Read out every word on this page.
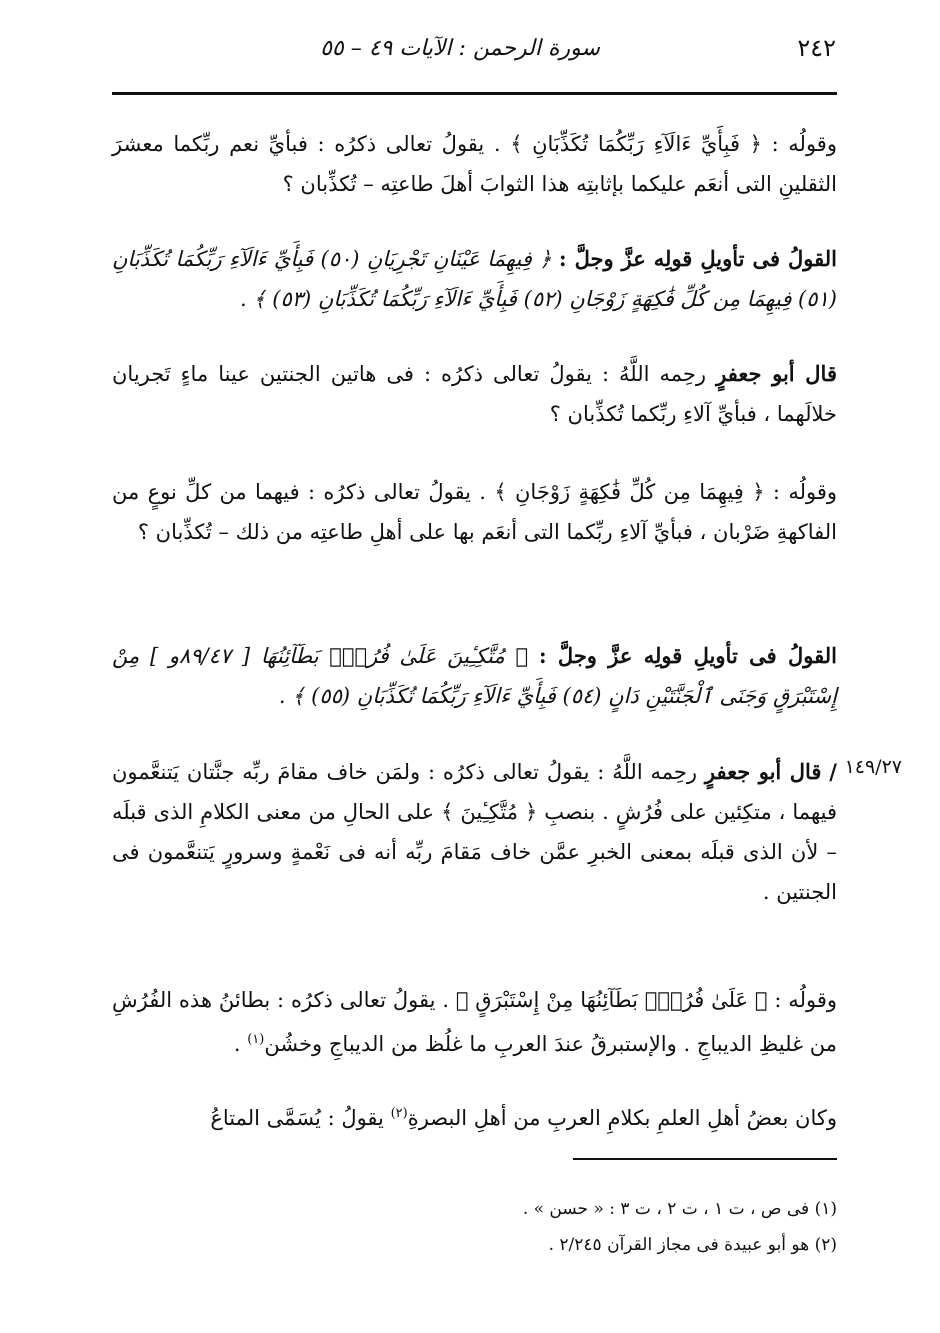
٢٤٢
سورة الرحمن : الآيات ٤٩ – ٥٥
وقولُه : ﴿ فَبِأَيِّ ءَالَآءِ رَبِّكُمَا تُكَذِّبَانِ ﴾ . يقولُ تعالى ذكرُه : فبأيِّ نعم ربِّكما معشرَ الثقلينِ التى أنعَم عليكما بإثابتِه هذا الثوابَ أهلَ طاعتِه – تُكذِّبان ؟
القولُ فى تأويلِ قولِه عزَّ وجلَّ : ﴿ فِيهِمَا عَيْنَانِ تَجْرِيَانِ (٥٠) فَبِأَيِّ ءَالَآءِ رَبِّكُمَا تُكَذِّبَانِ (٥١) فِيهِمَا مِن كُلِّ فَٰكِهَةٍ زَوْجَانِ (٥٢) فَبِأَيِّ ءَالَآءِ رَبِّكُمَا تُكَذِّبَانِ (٥٣) ﴾ .
قال أبو جعفرٍ رحِمه اللَّهُ : يقولُ تعالى ذكرُه : فى هاتين الجنتين عينا ماءٍ تَجريان خلالَهما ، فبأيِّ آلاءِ ربِّكما تُكذِّبان ؟
وقولُه : ﴿ فِيهِمَا مِن كُلِّ فَٰكِهَةٍ زَوْجَانِ ﴾ . يقولُ تعالى ذكرُه : فيهما من كلِّ نوعٍ من الفاكهةِ ضَرْبان ، فبأيِّ آلاءِ ربِّكما التى أنعَم بها على أهلِ طاعتِه من ذلك – تُكذِّبان ؟
القولُ فى تأويلِ قولِه عزَّ وجلَّ : ﴿ مُتَّكِـِٔينَ عَلَىٰ فُرُشٍۭ بَطَآئِنُهَا [ ٨٩/٤٧و ] مِنْ إِسْتَبْرَقٍ وَجَنَى ٱلْجَنَّتَيْنِ دَانٍ (٥٤) فَبِأَيِّ ءَالَآءِ رَبِّكُمَا تُكَذِّبَانِ (٥٥) ﴾ .
١٤٩/٢٧
/ قال أبو جعفرٍ رحِمه اللَّهُ : يقولُ تعالى ذكرُه : ولمَن خاف مقامَ ربِّه جنَّتان يَتنعَّمون فيهما ، متكِئين على فُرُشٍ . بنصبِ ﴿ مُتَّكِـِٔينَ ﴾ على الحالِ من معنى الكلامِ الذى قبلَه – لأن الذى قبلَه بمعنى الخبرِ عمَّن خاف مَقامَ ربِّه أنه فى نَعْمةٍ وسرورٍ يَتنعَّمون فى الجنتين .
وقولُه : ﴿ عَلَىٰ فُرُشٍۭ بَطَآئِنُهَا مِنْ إِسْتَبْرَقٍ ﴾ . يقولُ تعالى ذكرُه : بطائنُ هذه الفُرُشِ من غليظِ الديباجِ . والإستبرقُ عندَ العربِ ما غلُظ من الديباجِ وخشُن$^{(١)}$ .
وكان بعضُ أهلِ العلمِ بكلامِ العربِ من أهلِ البصرةِ$^{(٢)}$ يقولُ : يُسَمَّى المتاعُ
(١) فى ص ، ت ١ ، ت ٢ ، ت ٣ : « حسن » .
(٢) هو أبو عبيدة فى مجاز القرآن ٢/٢٤٥ .
